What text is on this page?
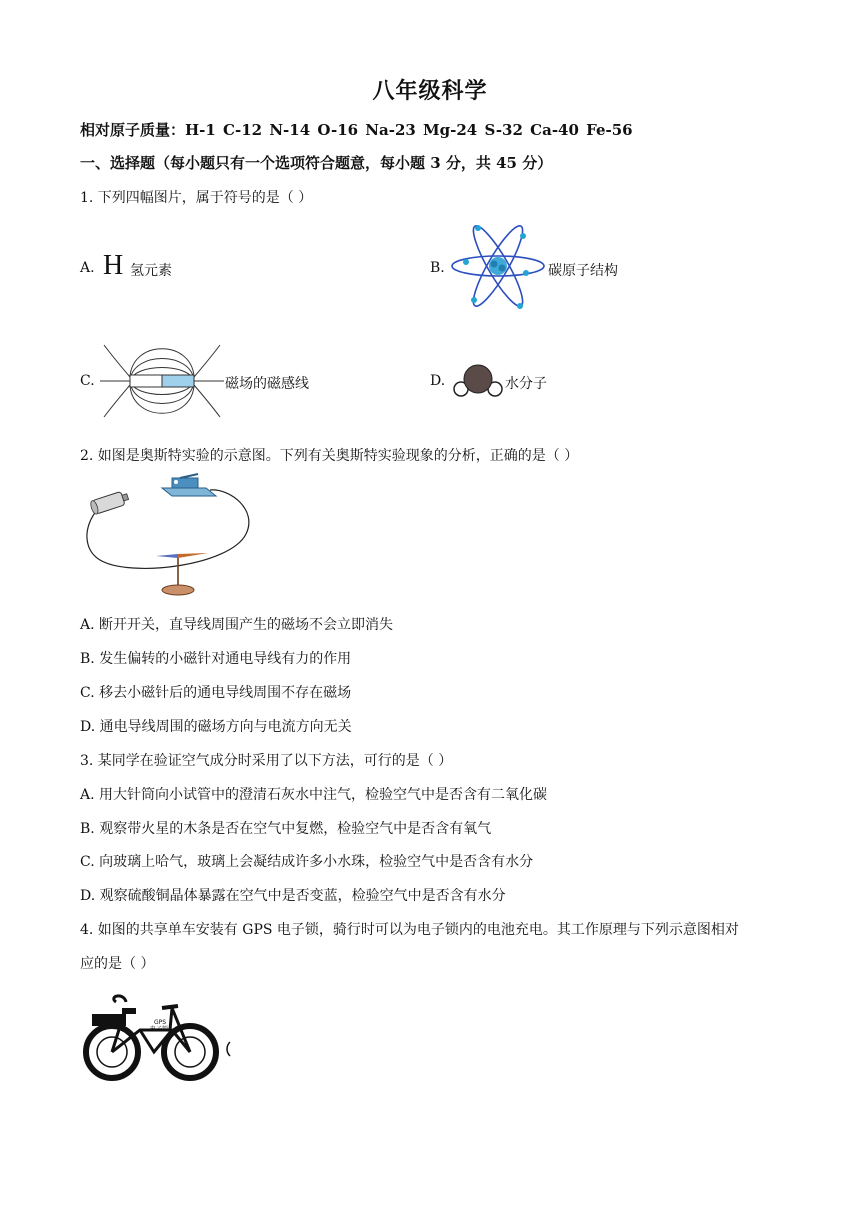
八年级科学
相对原子质量：H-1 C-12 N-14 O-16 Na-23 Mg-24 S-32 Ca-40 Fe-56
一、选择题（每小题只有一个选项符合题意，每小题 3 分，共 45 分）
1. 下列四幅图片，属于符号的是（ ）
A. H 氢元素	B.	碳原子结构
C.	磁场的磁感线	D.	水分子
2. 如图是奥斯特实验的示意图。下列有关奥斯特实验现象的分析，正确的是（ ）
A. 断开开关，直导线周围产生的磁场不会立即消失
B. 发生偏转的小磁针对通电导线有力的作用
C. 移去小磁针后的通电导线周围不存在磁场
D. 通电导线周围的磁场方向与电流方向无关
3. 某同学在验证空气成分时采用了以下方法，可行的是（ ）
A. 用大针筒向小试管中的澄清石灰水中注气，检验空气中是否含有二氧化碳
B. 观察带火星的木条是否在空气中复燃，检验空气中是否含有氧气
C. 向玻璃上哈气，玻璃上会凝结成许多小水珠，检验空气中是否含有水分
D. 观察硫酸铜晶体暴露在空气中是否变蓝，检验空气中是否含有水分
4. 如图的共享单车安装有 GPS 电子锁，骑行时可以为电子锁内的电池充电。其工作原理与下列示意图相对
应的是（ ）
GPS
电子锁
